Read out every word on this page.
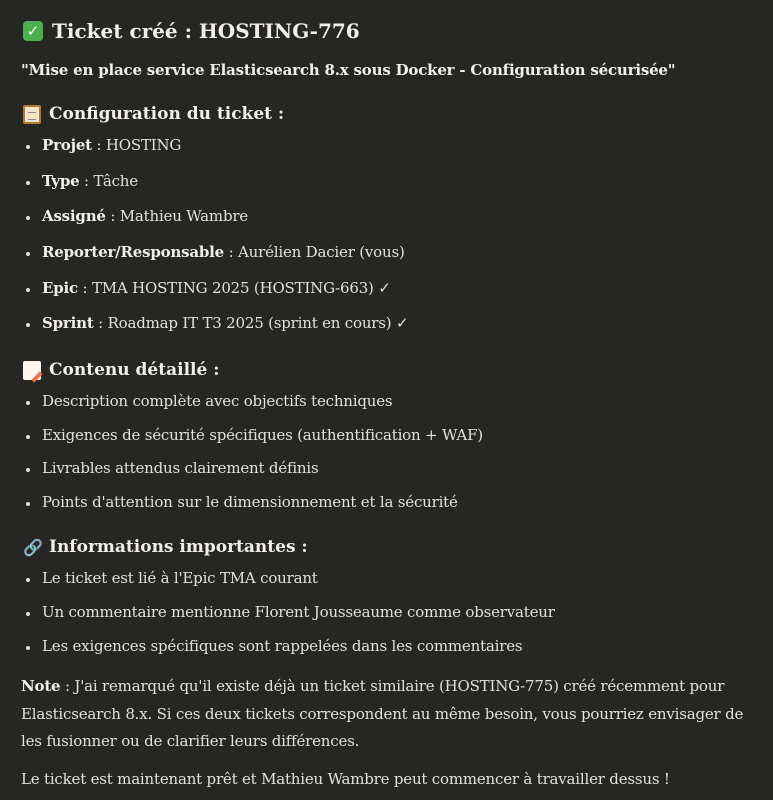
✓ Ticket créé : HOSTING-776
"Mise en place service Elasticsearch 8.x sous Docker - Configuration sécurisée"
Configuration du ticket :
Projet : HOSTING
Type : Tâche
Assigné : Mathieu Wambre
Reporter/Responsable : Aurélien Dacier (vous)
Epic : TMA HOSTING 2025 (HOSTING-663) ✓
Sprint : Roadmap IT T3 2025 (sprint en cours) ✓
Contenu détaillé :
Description complète avec objectifs techniques
Exigences de sécurité spécifiques (authentification + WAF)
Livrables attendus clairement définis
Points d'attention sur le dimensionnement et la sécurité
🔗 Informations importantes :
Le ticket est lié à l'Epic TMA courant
Un commentaire mentionne Florent Jousseaume comme observateur
Les exigences spécifiques sont rappelées dans les commentaires
Note : J'ai remarqué qu'il existe déjà un ticket similaire (HOSTING-775) créé récemment pour Elasticsearch 8.x. Si ces deux tickets correspondent au même besoin, vous pourriez envisager de les fusionner ou de clarifier leurs différences.
Le ticket est maintenant prêt et Mathieu Wambre peut commencer à travailler dessus !
